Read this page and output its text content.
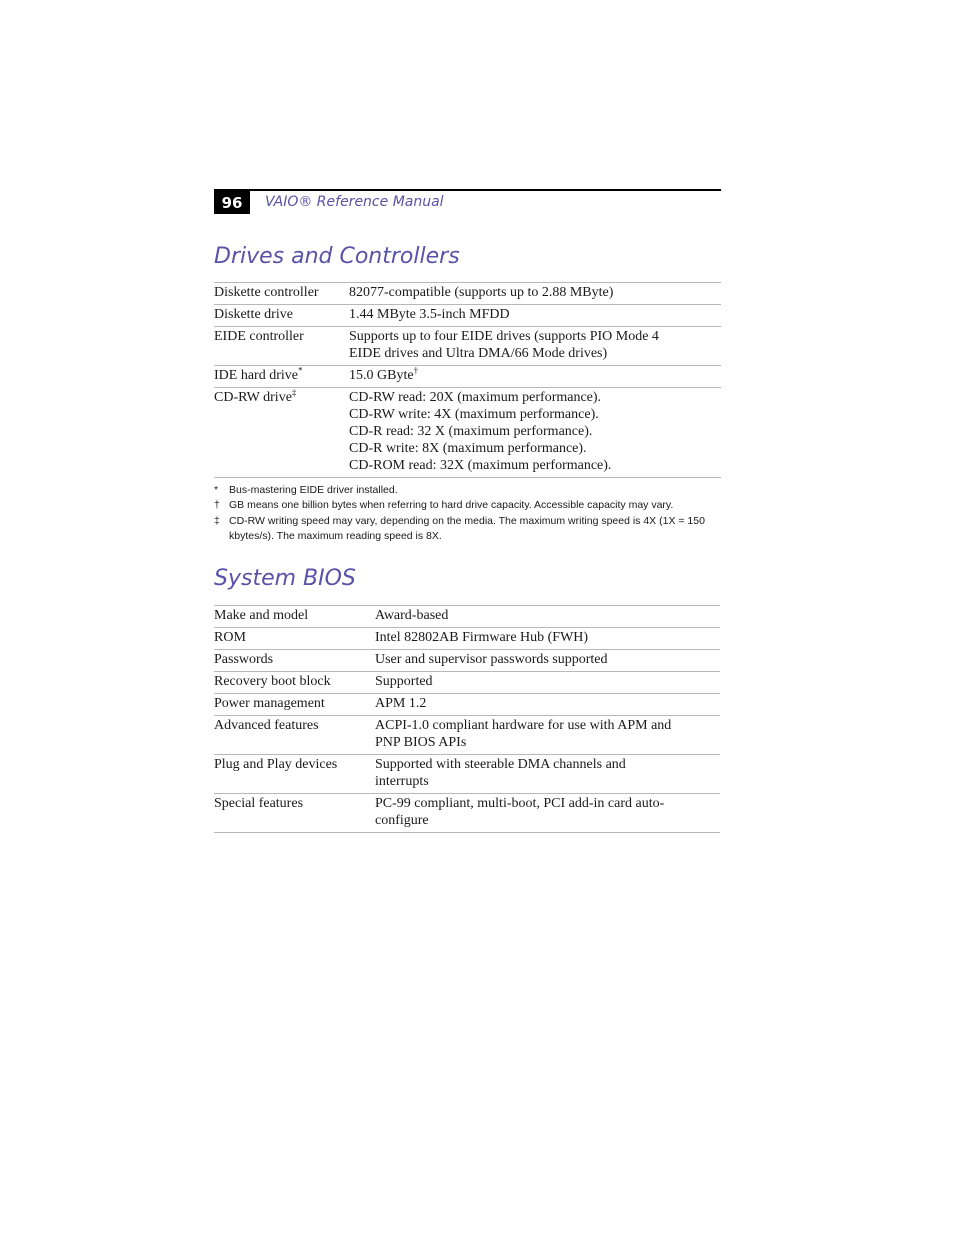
96	VAIO® Reference Manual
Drives and Controllers
Diskette controller	82077-compatible (supports up to 2.88 MByte)

Diskette drive	1.44 MByte 3.5-inch MFDD

EIDE controller	Supports up to four EIDE drives (supports PIO Mode 4
EIDE drives and Ultra DMA/66 Mode drives)

IDE hard drive*	15.0 GByte†

CD-RW drive‡	CD-RW read: 20X (maximum performance).
CD-RW write: 4X (maximum performance).
CD-R read: 32 X (maximum performance).
CD-R write: 8X (maximum performance).
CD-ROM read: 32X (maximum performance).
*	Bus-mastering EIDE driver installed.
† GB means one billion bytes when referring to hard drive capacity. Accessible capacity may vary.
‡ CD-RW writing speed may vary, depending on the media. The maximum writing speed is 4X (1X = 150 kbytes/s). The maximum reading speed is 8X.
System BIOS
Make and model	Award-based

ROM	Intel 82802AB Firmware Hub (FWH)

Passwords	User and supervisor passwords supported

Recovery boot block	Supported

Power management	APM 1.2

Advanced features	ACPI-1.0 compliant hardware for use with APM and
PNP BIOS APIs

Plug and Play devices	Supported with steerable DMA channels and
interrupts

Special features	PC-99 compliant, multi-boot, PCI add-in card auto-
configure
